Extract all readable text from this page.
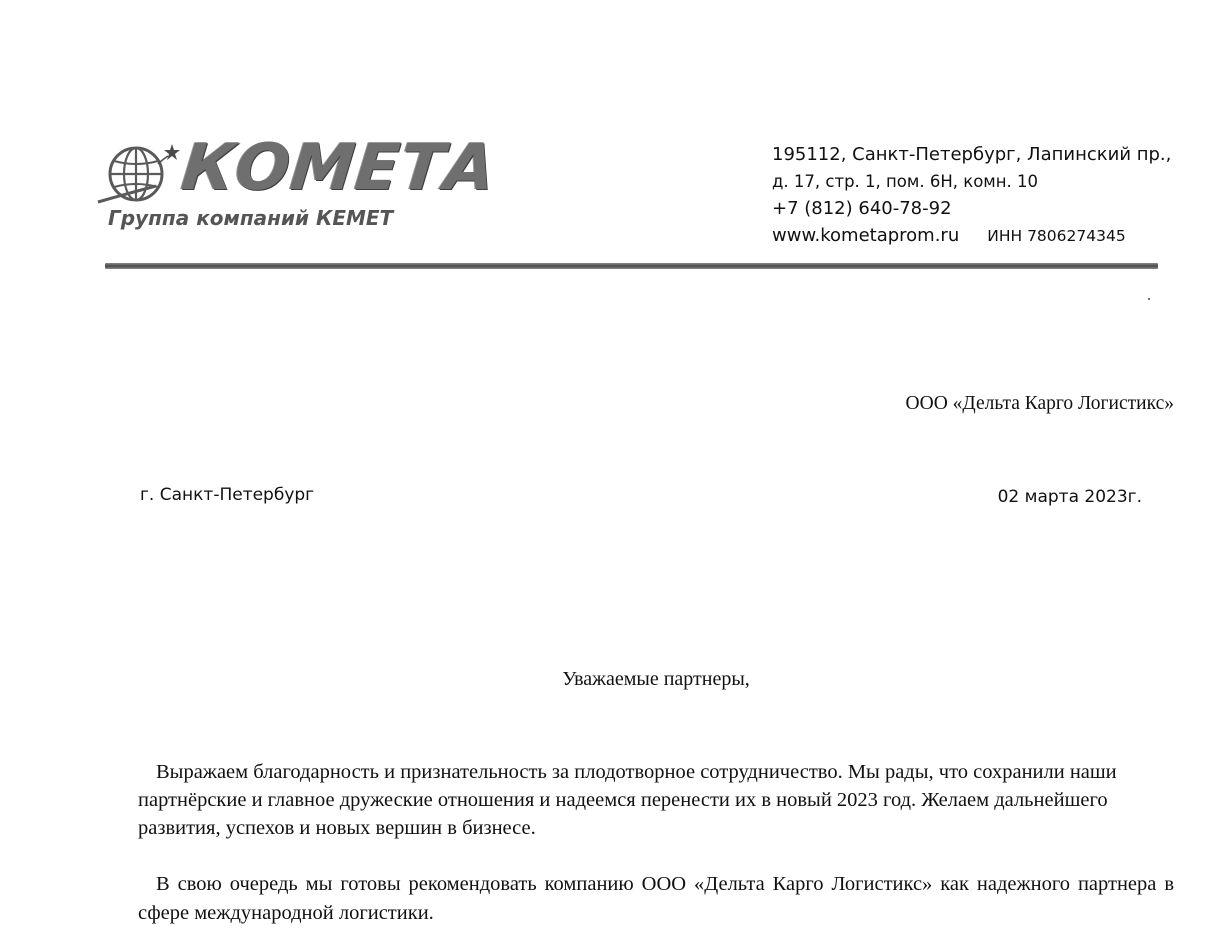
КОМЕТА
Группа компаний КЕМЕТ
195112, Санкт-Петербург, Лапинский пр.,
д. 17, стр. 1, пом. 6Н, комн. 10
+7 (812) 640-78-92
www.kometaprom.ru ИНН 7806274345
ООО «Дельта Карго Логистикс»
г. Санкт-Петербург	02 марта 2023г.
Уважаемые партнеры,

Выражаем благодарность и признательность за плодотворное сотрудничество. Мы рады, что сохранили наши партнёрские и главное дружеские отношения и надеемся перенести их в новый 2023 год. Желаем дальнейшего развития, успехов и новых вершин в бизнесе.

В свою очередь мы готовы рекомендовать компанию ООО «Дельта Карго Логистикс» как надежного партнера в сфере международной логистики.
